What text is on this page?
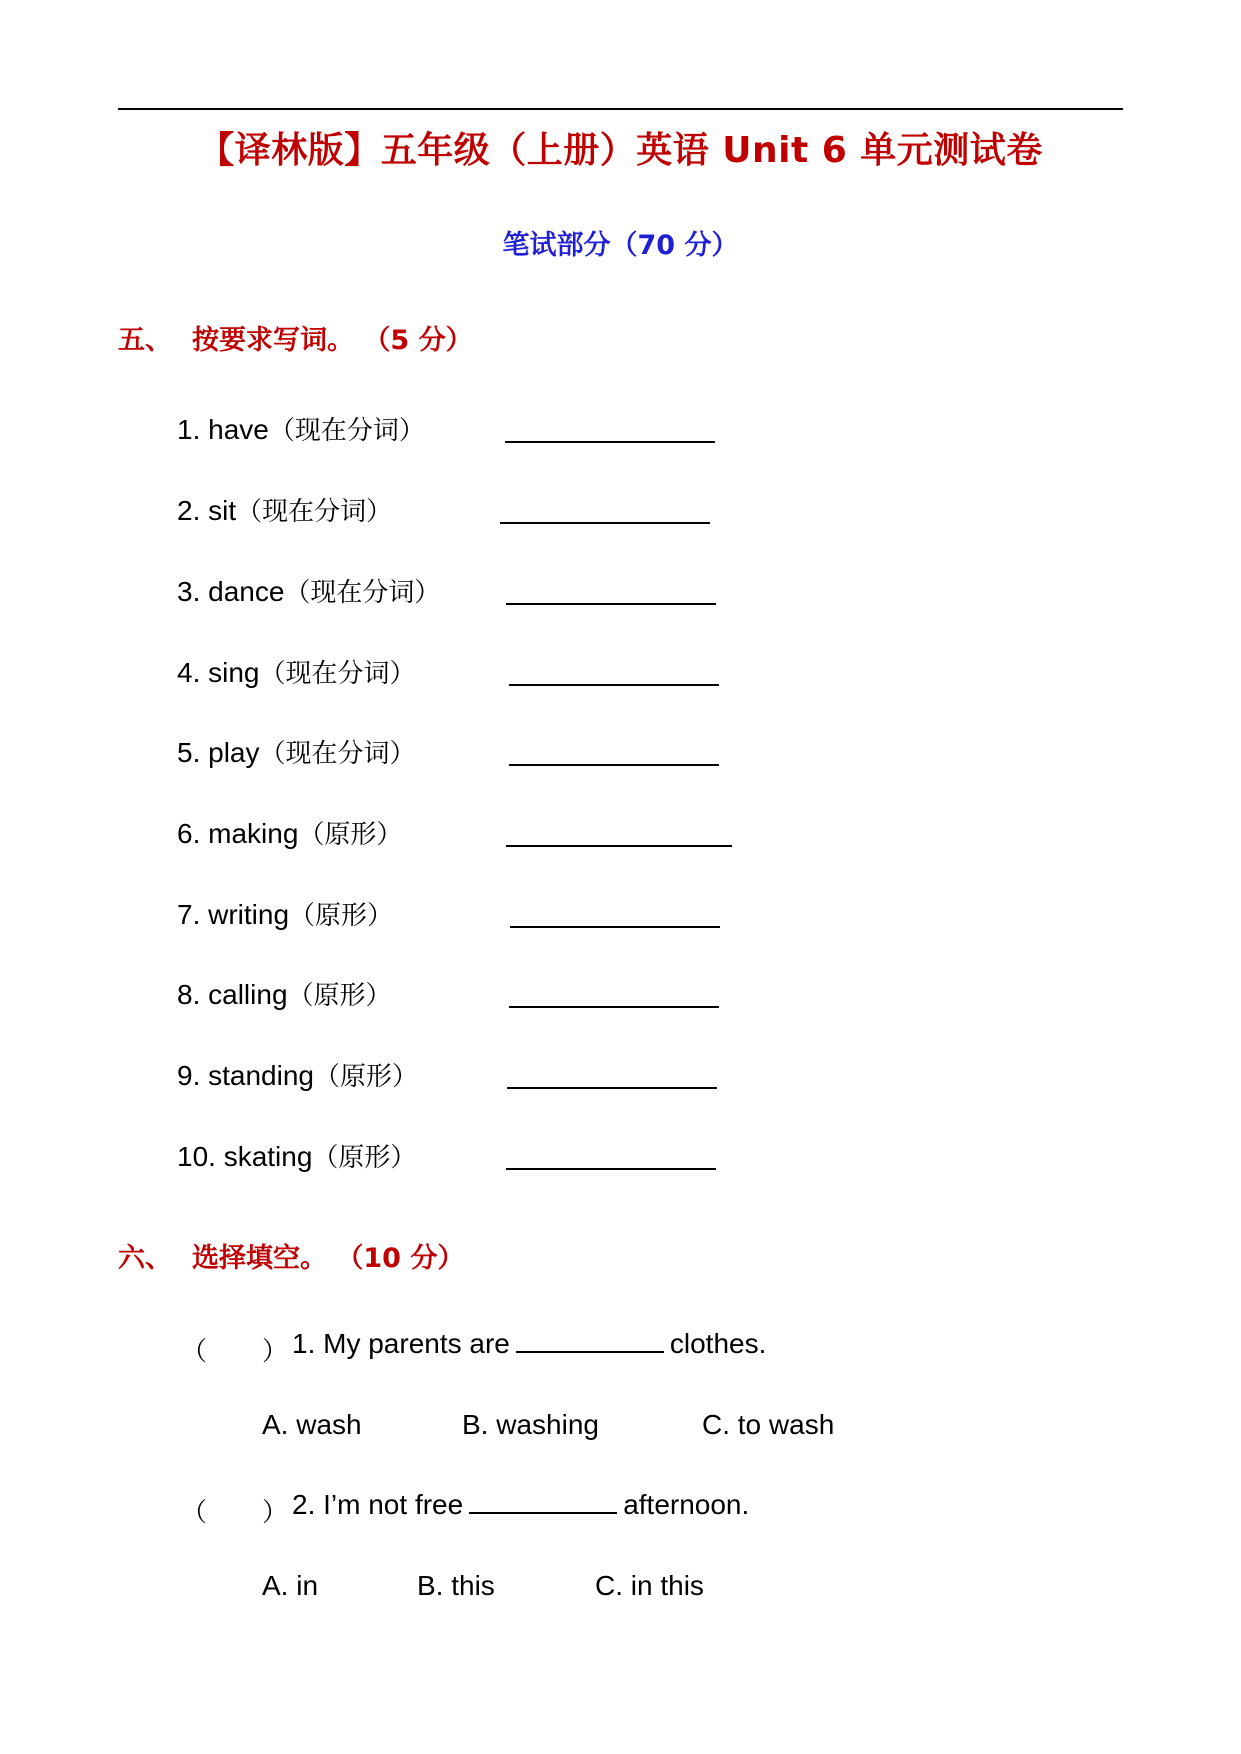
【译林版】五年级（上册）英语 Unit 6 单元测试卷
笔试部分（70 分）
五、 按要求写词。 （5 分）
1. have（现在分词）
2. sit（现在分词）
3. dance（现在分词）
4. sing（现在分词）
5. play（现在分词）
6. making（原形）
7. writing（原形）
8. calling（原形）
9. standing（原形）
10. skating（原形）
六、 选择填空。 （10 分）
（ ） 1. My parents are	clothes.
A. wash	B. washing	C. to wash
（ ） 2. I’m not free	afternoon.
A. in	B. this	C. in this
